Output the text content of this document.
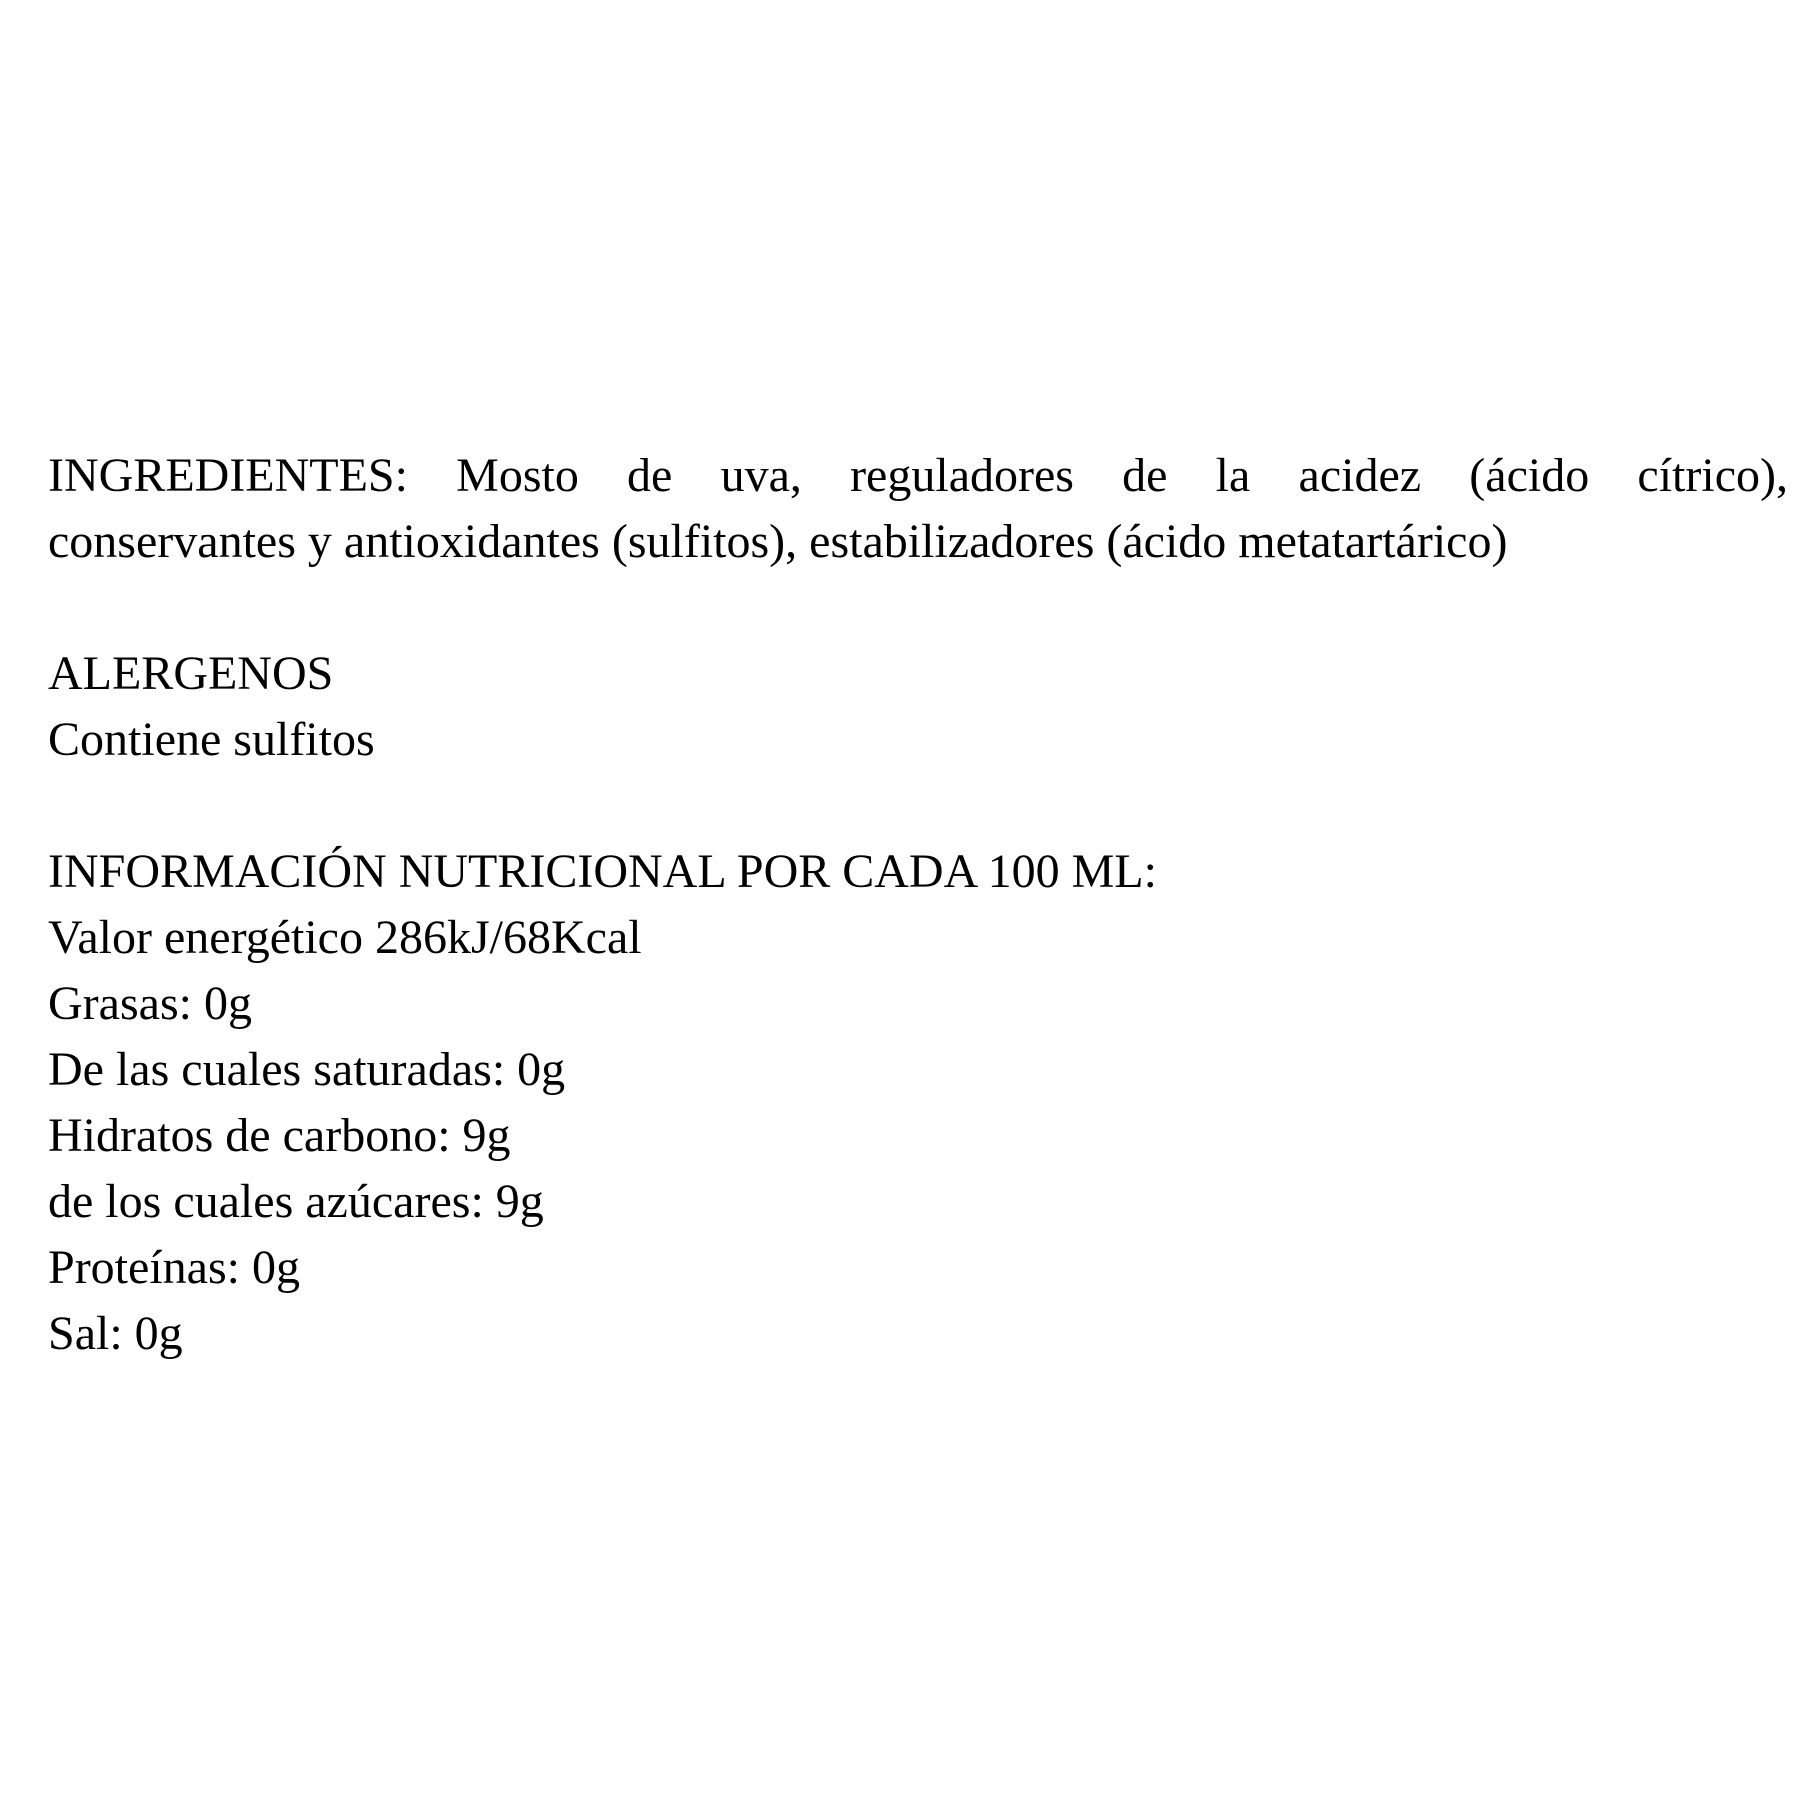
INGREDIENTES: Mosto de uva, reguladores de la acidez (ácido cítrico),
conservantes y antioxidantes (sulfitos), estabilizadores (ácido metatartárico)
ALERGENOS
Contiene sulfitos
INFORMACIÓN NUTRICIONAL POR CADA 100 ML:
Valor energético 286kJ/68Kcal
Grasas: 0g
De las cuales saturadas: 0g
Hidratos de carbono: 9g
de los cuales azúcares: 9g
Proteínas: 0g
Sal: 0g
